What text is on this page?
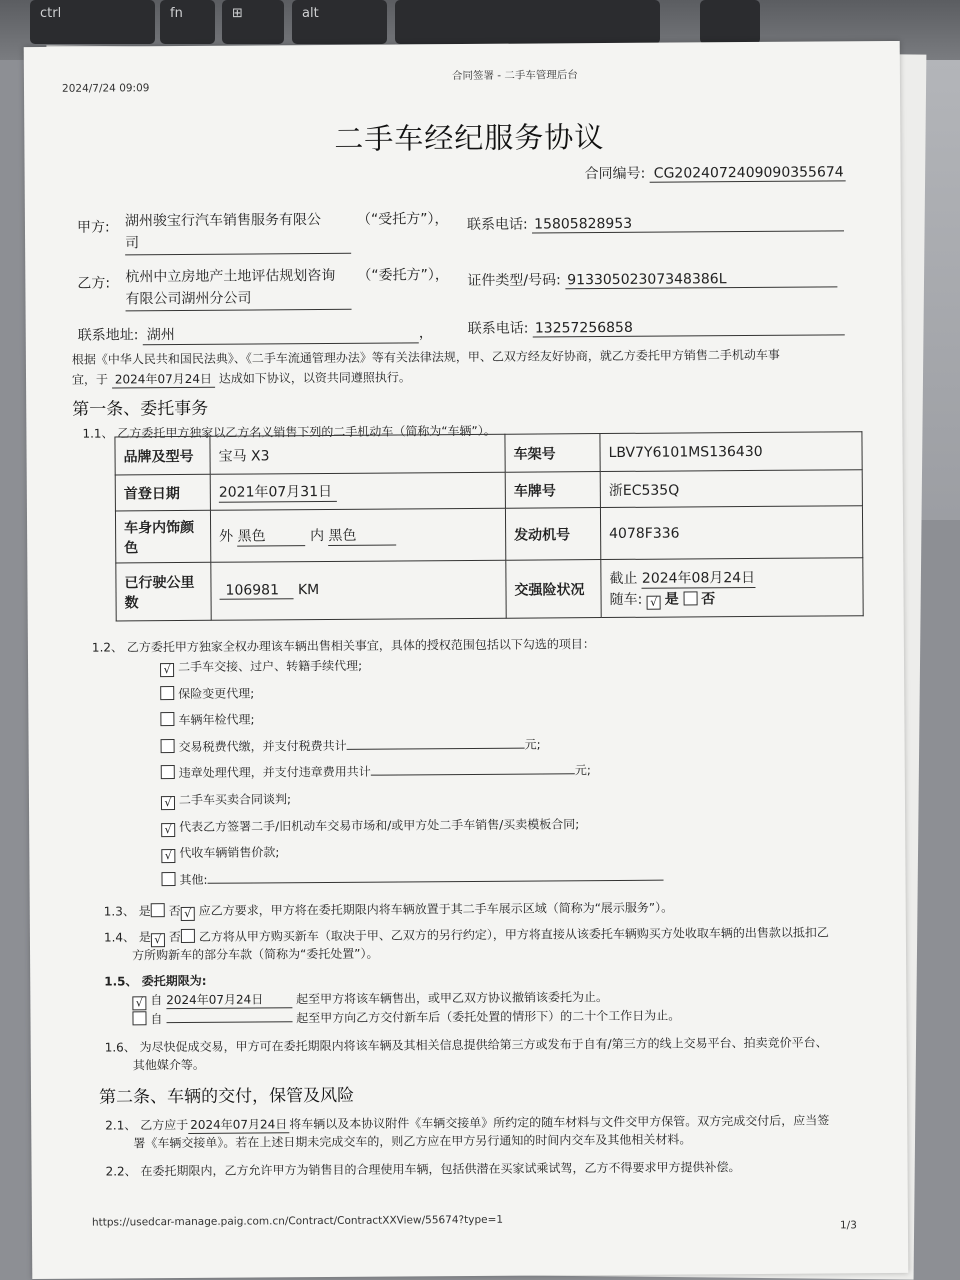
ctrl	fn	⊞	alt
2024/7/24 09:09
合同签署 - 二手车管理后台
二手车经纪服务协议
合同编号: CG2024072409090355674
甲方: 湖州骏宝行汽车销售服务有限公
司
（“受托方”）， 联系电话: 15805828953
乙方: 杭州中立房地产土地评估规划咨询
有限公司湖州分公司
（“委托方”）， 证件类型/号码: 91330502307348386L
联系地址: 湖州	， 联系电话: 13257256858
根据《中华人民共和国民法典》、《二手车流通管理办法》等有关法律法规，甲、乙双方经友好协商，就乙方委托甲方销售二手机动车事
宜，于 2024年07月24日 达成如下协议，以资共同遵照执行。
第一条、委托事务
1.1、 乙方委托甲方独家以乙方名义销售下列的二手机动车（简称为“车辆”）。
品牌及型号	宝马 X3	车架号	LBV7Y6101MS136430
首登日期	2021年07月31日	车牌号	浙EC535Q
车身内饰颜色	外 黑色 内 黑色	发动机号	4078F336
已行驶公里数	106981 KM	交强险状况	截止 2024年08月24日
随车: √ 是 否
1.2、 乙方委托甲方独家全权办理该车辆出售相关事宜，具体的授权范围包括以下勾选的项目：
√ 二手车交接、过户、转籍手续代理;
保险变更代理;
车辆年检代理;
交易税费代缴，并支付税费共计	元;
违章处理代理，并支付违章费用共计	元;
√ 二手车买卖合同谈判;
√ 代表乙方签署二手/旧机动车交易市场和/或甲方处二手车销售/买卖模板合同;
√ 代收车辆销售价款;
其他:
1.3、 是 否 √ 应乙方要求，甲方将在委托期限内将车辆放置于其二手车展示区域（简称为“展示服务”）。
1.4、 是 √ 否 乙方将从甲方购买新车（取决于甲、乙双方的另行约定），甲方将直接从该委托车辆购买方处收取车辆的出售款以抵扣乙
方所购新车的部分车款（简称为“委托处置”）。
1.5、 委托期限为:
√ 自 2024年07月24日	起至甲方将该车辆售出，或甲乙双方协议撤销该委托为止。
自	起至甲方向乙方交付新车后（委托处置的情形下）的二十个工作日为止。
1.6、 为尽快促成交易，甲方可在委托期限内将该车辆及其相关信息提供给第三方或发布于自有/第三方的线上交易平台、拍卖竞价平台、
其他媒介等。
第二条、车辆的交付，保管及风险
2.1、 乙方应于 2024年07月24日 将车辆以及本协议附件《车辆交接单》所约定的随车材料与文件交甲方保管。双方完成交付后，应当签
署《车辆交接单》。若在上述日期未完成交车的，则乙方应在甲方另行通知的时间内交车及其他相关材料。
2.2、 在委托期限内，乙方允许甲方为销售目的合理使用车辆，包括供潜在买家试乘试驾，乙方不得要求甲方提供补偿。
https://usedcar-manage.paig.com.cn/Contract/ContractXXView/55674?type=1	1/3
